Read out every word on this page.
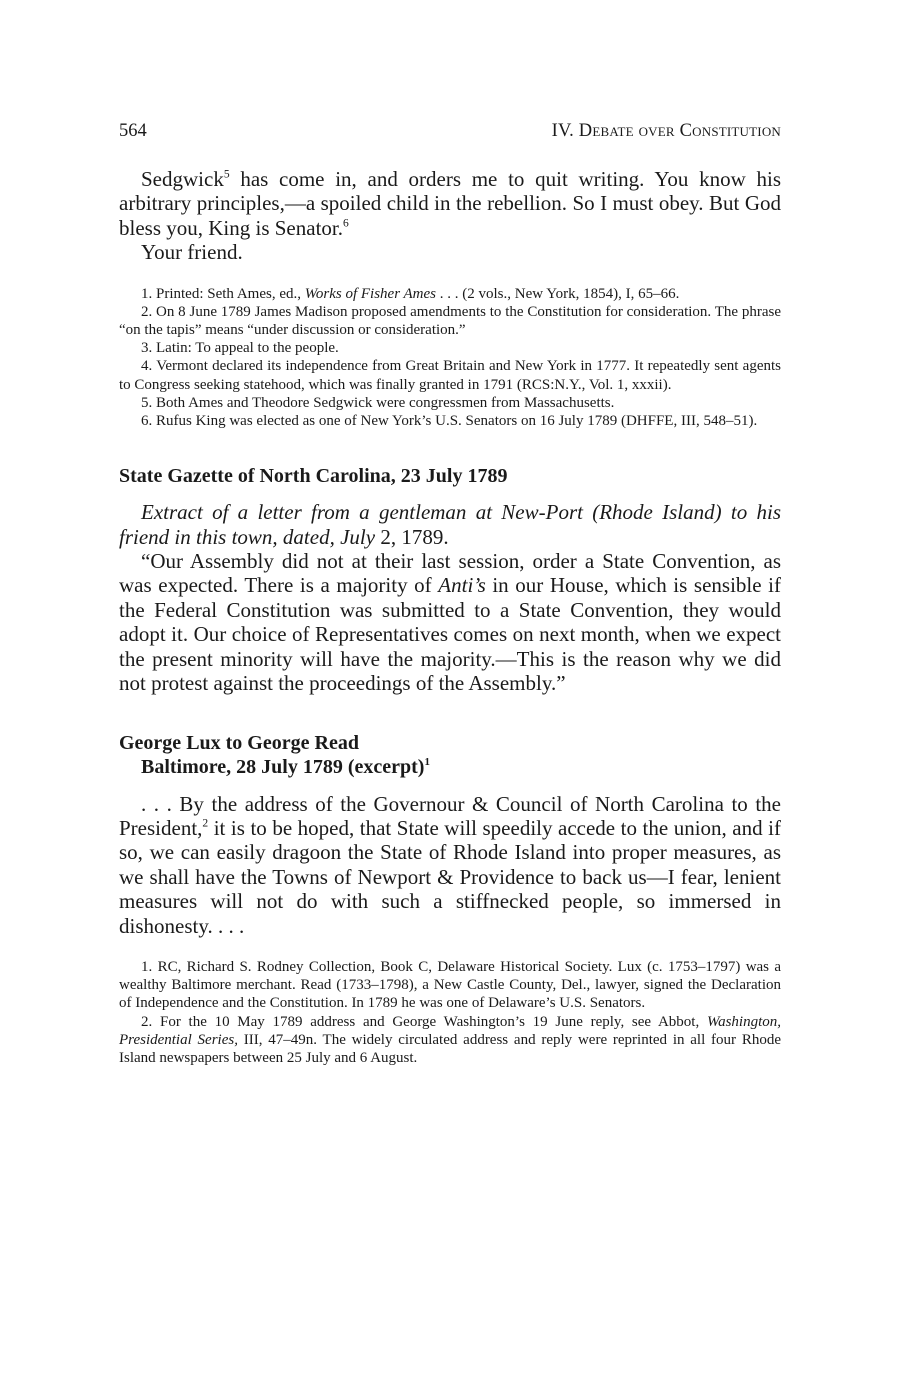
564	IV. Debate over Constitution

Sedgwick$^5$ has come in, and orders me to quit writing. You know his arbitrary principles,—a spoiled child in the rebellion. So I must obey. But God bless you, King is Senator.$^6$

Your friend.

1. Printed: Seth Ames, ed., Works of Fisher Ames . . . (2 vols., New York, 1854), I, 65–66.

2. On 8 June 1789 James Madison proposed amendments to the Constitution for consideration. The phrase “on the tapis” means “under discussion or consideration.”

3. Latin: To appeal to the people.

4. Vermont declared its independence from Great Britain and New York in 1777. It repeatedly sent agents to Congress seeking statehood, which was finally granted in 1791 (RCS:N.Y., Vol. 1, xxxii).

5. Both Ames and Theodore Sedgwick were congressmen from Massachusetts.

6. Rufus King was elected as one of New York’s U.S. Senators on 16 July 1789 (DHFFE, III, 548–51).

State Gazette of North Carolina, 23 July 1789

Extract of a letter from a gentleman at New-Port (Rhode Island) to his friend in this town, dated, July 2, 1789.

“Our Assembly did not at their last session, order a State Convention, as was expected. There is a majority of Anti’s in our House, which is sensible if the Federal Constitution was submitted to a State Convention, they would adopt it. Our choice of Representatives comes on next month, when we expect the present minority will have the majority.—This is the reason why we did not protest against the proceedings of the Assembly.”

George Lux to George Read

Baltimore, 28 July 1789 (excerpt)$^1$

. . . By the address of the Governour & Council of North Carolina to the President,$^2$ it is to be hoped, that State will speedily accede to the union, and if so, we can easily dragoon the State of Rhode Island into proper measures, as we shall have the Towns of Newport & Providence to back us—I fear, lenient measures will not do with such a stiffnecked people, so immersed in dishonesty. . . .

1. RC, Richard S. Rodney Collection, Book C, Delaware Historical Society. Lux (c. 1753–1797) was a wealthy Baltimore merchant. Read (1733–1798), a New Castle County, Del., lawyer, signed the Declaration of Independence and the Constitution. In 1789 he was one of Delaware’s U.S. Senators.

2. For the 10 May 1789 address and George Washington’s 19 June reply, see Abbot, Washington, Presidential Series, III, 47–49n. The widely circulated address and reply were reprinted in all four Rhode Island newspapers between 25 July and 6 August.
